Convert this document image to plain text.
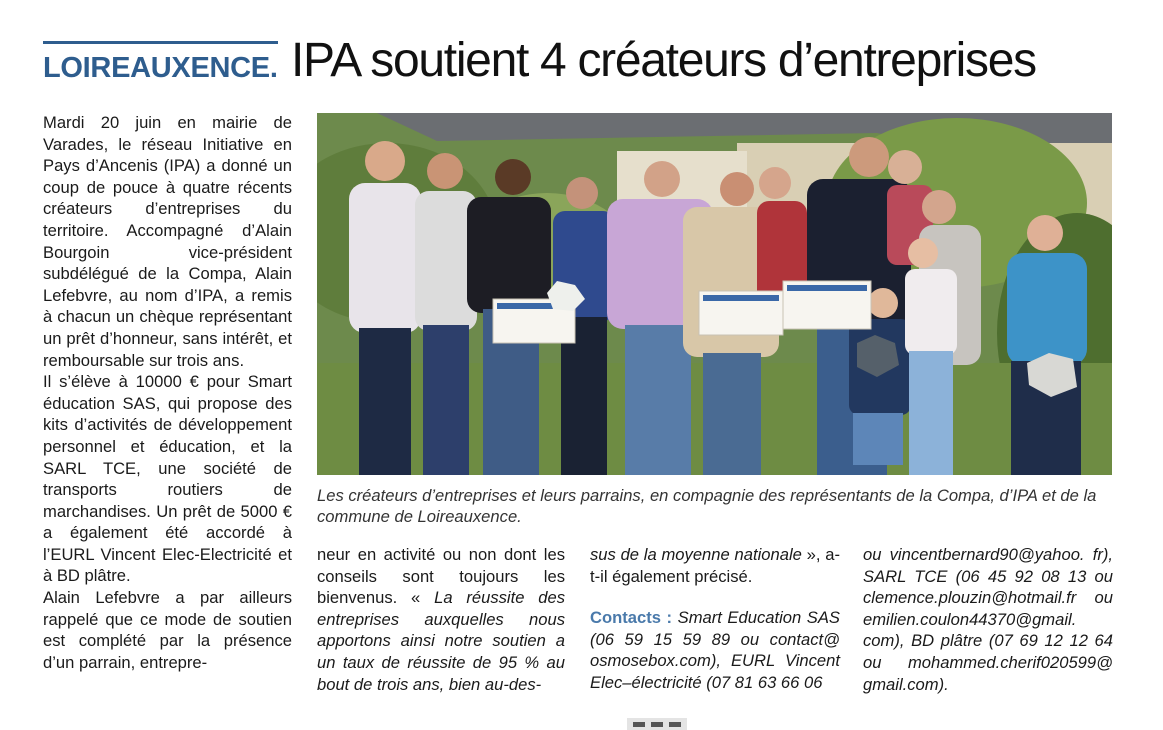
LOIREAUXENCE. IPA soutient 4 créateurs d’entreprises

Mardi 20 juin en mairie de Varades, le réseau Initiative en Pays d’Ancenis (IPA) a donné un coup de pouce à quatre récents créateurs d’entreprises du territoire. Accompagné d’Alain Bourgoin vice-président subdélégué de la Compa, Alain Lefebvre, au nom d’IPA, a remis à chacun un chèque représentant un prêt d’honneur, sans intérêt, et remboursable sur trois ans.

Il s’élève à 10000 € pour Smart éducation SAS, qui propose des kits d’activités de développement personnel et éducation, et la SARL TCE, une société de transports routiers de marchandises. Un prêt de 5000 € a également été accordé à l’EURL Vincent Elec-Electricité et à BD plâtre.

Alain Lefebvre a par ailleurs rappelé que ce mode de soutien est complété par la présence d’un parrain, entrepre-

Les créateurs d’entreprises et leurs parrains, en compagnie des représentants de la Compa, d’IPA et de la commune de Loireauxence.
neur en activité ou non dont les conseils sont toujours les bienvenus. « La réussite des entreprises auxquelles nous apportons ainsi notre soutien a un taux de réussite de 95 % au bout de trois ans, bien au-des-

sus de la moyenne nationale », a-t-il également précisé.

Contacts : Smart Education SAS (06 59 15 59 89 ou contact@ osmosebox.com), EURL Vincent Elec–électricité (07 81 63 66 06

ou vincentbernard90@yahoo. fr), SARL TCE (06 45 92 08 13 ou clemence.plouzin@hotmail.fr ou emilien.coulon44370@gmail. com), BD plâtre (07 69 12 12 64 ou mohammed.cherif020599@ gmail.com).
